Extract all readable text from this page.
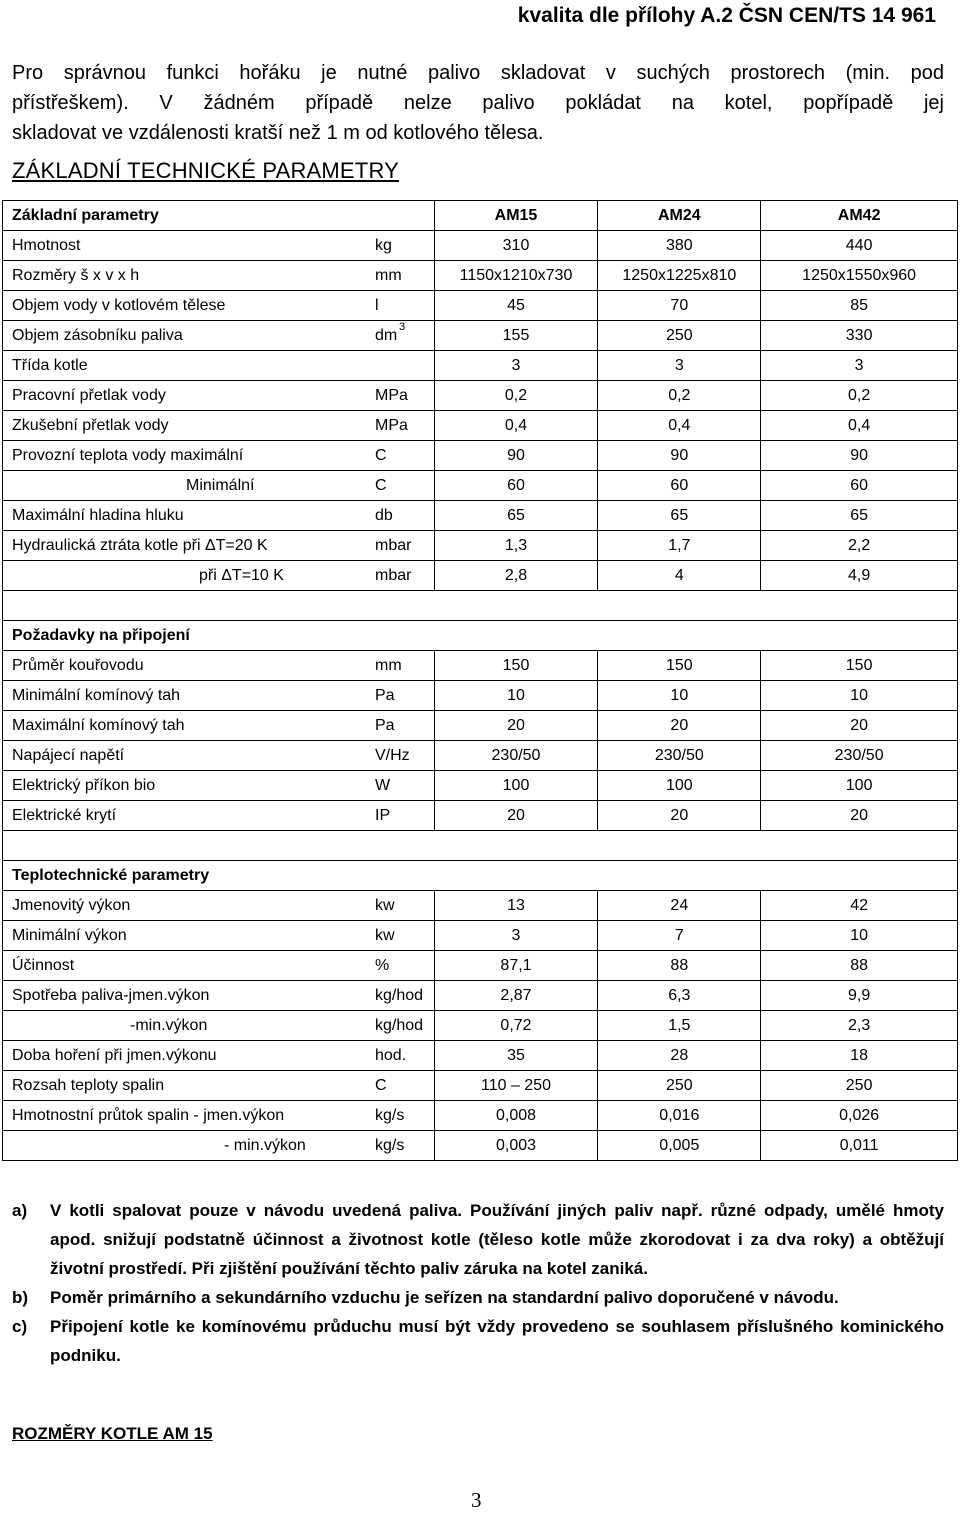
kvalita dle přílohy A.2 ČSN CEN/TS 14 961
Pro správnou funkci hořáku je nutné palivo skladovat v suchých prostorech (min. pod
přístřeškem). V žádném případě nelze palivo pokládat na kotel, popřípadě jej
skladovat ve vzdálenosti kratší než 1 m od kotlového tělesa.
ZÁKLADNÍ TECHNICKÉ PARAMETRY
Základní parametry	AM15	AM24	AM42
Hmotnost kg	310	380	440
Rozměry š x v x h mm	1150x1210x730	1250x1225x810	1250x1550x960
Objem vody v kotlovém tělese l	45	70	85
Objem zásobníku paliva dm $^3$	155	250	330
Třída kotle	3	3	3
Pracovní přetlak vody MPa	0,2	0,2	0,2
Zkušební přetlak vody MPa	0,4	0,4	0,4
Provozní teplota vody maximální C	90	90	90
Minimální C	60	60	60
Maximální hladina hluku db	65	65	65
Hydraulická ztráta kotle při ΔT=20 K mbar	1,3	1,7	2,2
při ΔT=10 K mbar	2,8	4	4,9

Požadavky na připojení			
Průměr kouřovodu mm	150	150	150
Minimální komínový tah Pa	10	10	10
Maximální komínový tah Pa	20	20	20
Napájecí napětí V/Hz	230/50	230/50	230/50
Elektrický příkon bio W	100	100	100
Elektrické krytí IP	20	20	20

Teplotechnické parametry			
Jmenovitý výkon kw	13	24	42
Minimální výkon kw	3	7	10
Účinnost %	87,1	88	88
Spotřeba paliva-jmen.výkon kg/hod	2,87	6,3	9,9
-min.výkon kg/hod	0,72	1,5	2,3
Doba hoření při jmen.výkonu hod.	35	28	18
Rozsah teploty spalin C	110 – 250	250	250
Hmotnostní průtok spalin - jmen.výkon kg/s	0,008	0,016	0,026
- min.výkon kg/s	0,003	0,005	0,011
a)	V kotli spalovat pouze v návodu uvedená paliva. Používání jiných paliv např. různé odpady, umělé hmoty apod. snižují podstatně účinnost a životnost kotle (těleso kotle může zkorodovat i za dva roky) a obtěžují životní prostředí. Při zjištění používání těchto paliv záruka na kotel zaniká.
b)	Poměr primárního a sekundárního vzduchu je seřízen na standardní palivo doporučené v návodu.
c)	Připojení kotle ke komínovému průduchu musí být vždy provedeno se souhlasem příslušného kominického podniku.
ROZMĚRY KOTLE AM 15
3
